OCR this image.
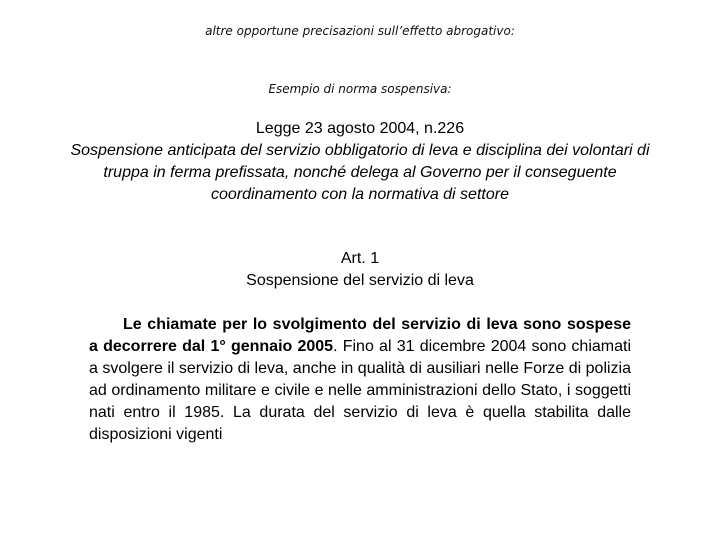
altre opportune precisazioni sull’effetto abrogativo:
Esempio di norma sospensiva:
Legge 23 agosto 2004, n.226
Sospensione anticipata del servizio obbligatorio di leva e disciplina dei volontari di truppa in ferma prefissata, nonché delega al Governo per il conseguente coordinamento con la normativa di settore
Art. 1
Sospensione del servizio di leva
Le chiamate per lo svolgimento del servizio di leva sono sospese a decorrere dal 1° gennaio 2005. Fino al 31 dicembre 2004 sono chiamati a svolgere il servizio di leva, anche in qualità di ausiliari nelle Forze di polizia ad ordinamento militare e civile e nelle amministrazioni dello Stato, i soggetti nati entro il 1985. La durata del servizio di leva è quella stabilita dalle disposizioni vigenti
